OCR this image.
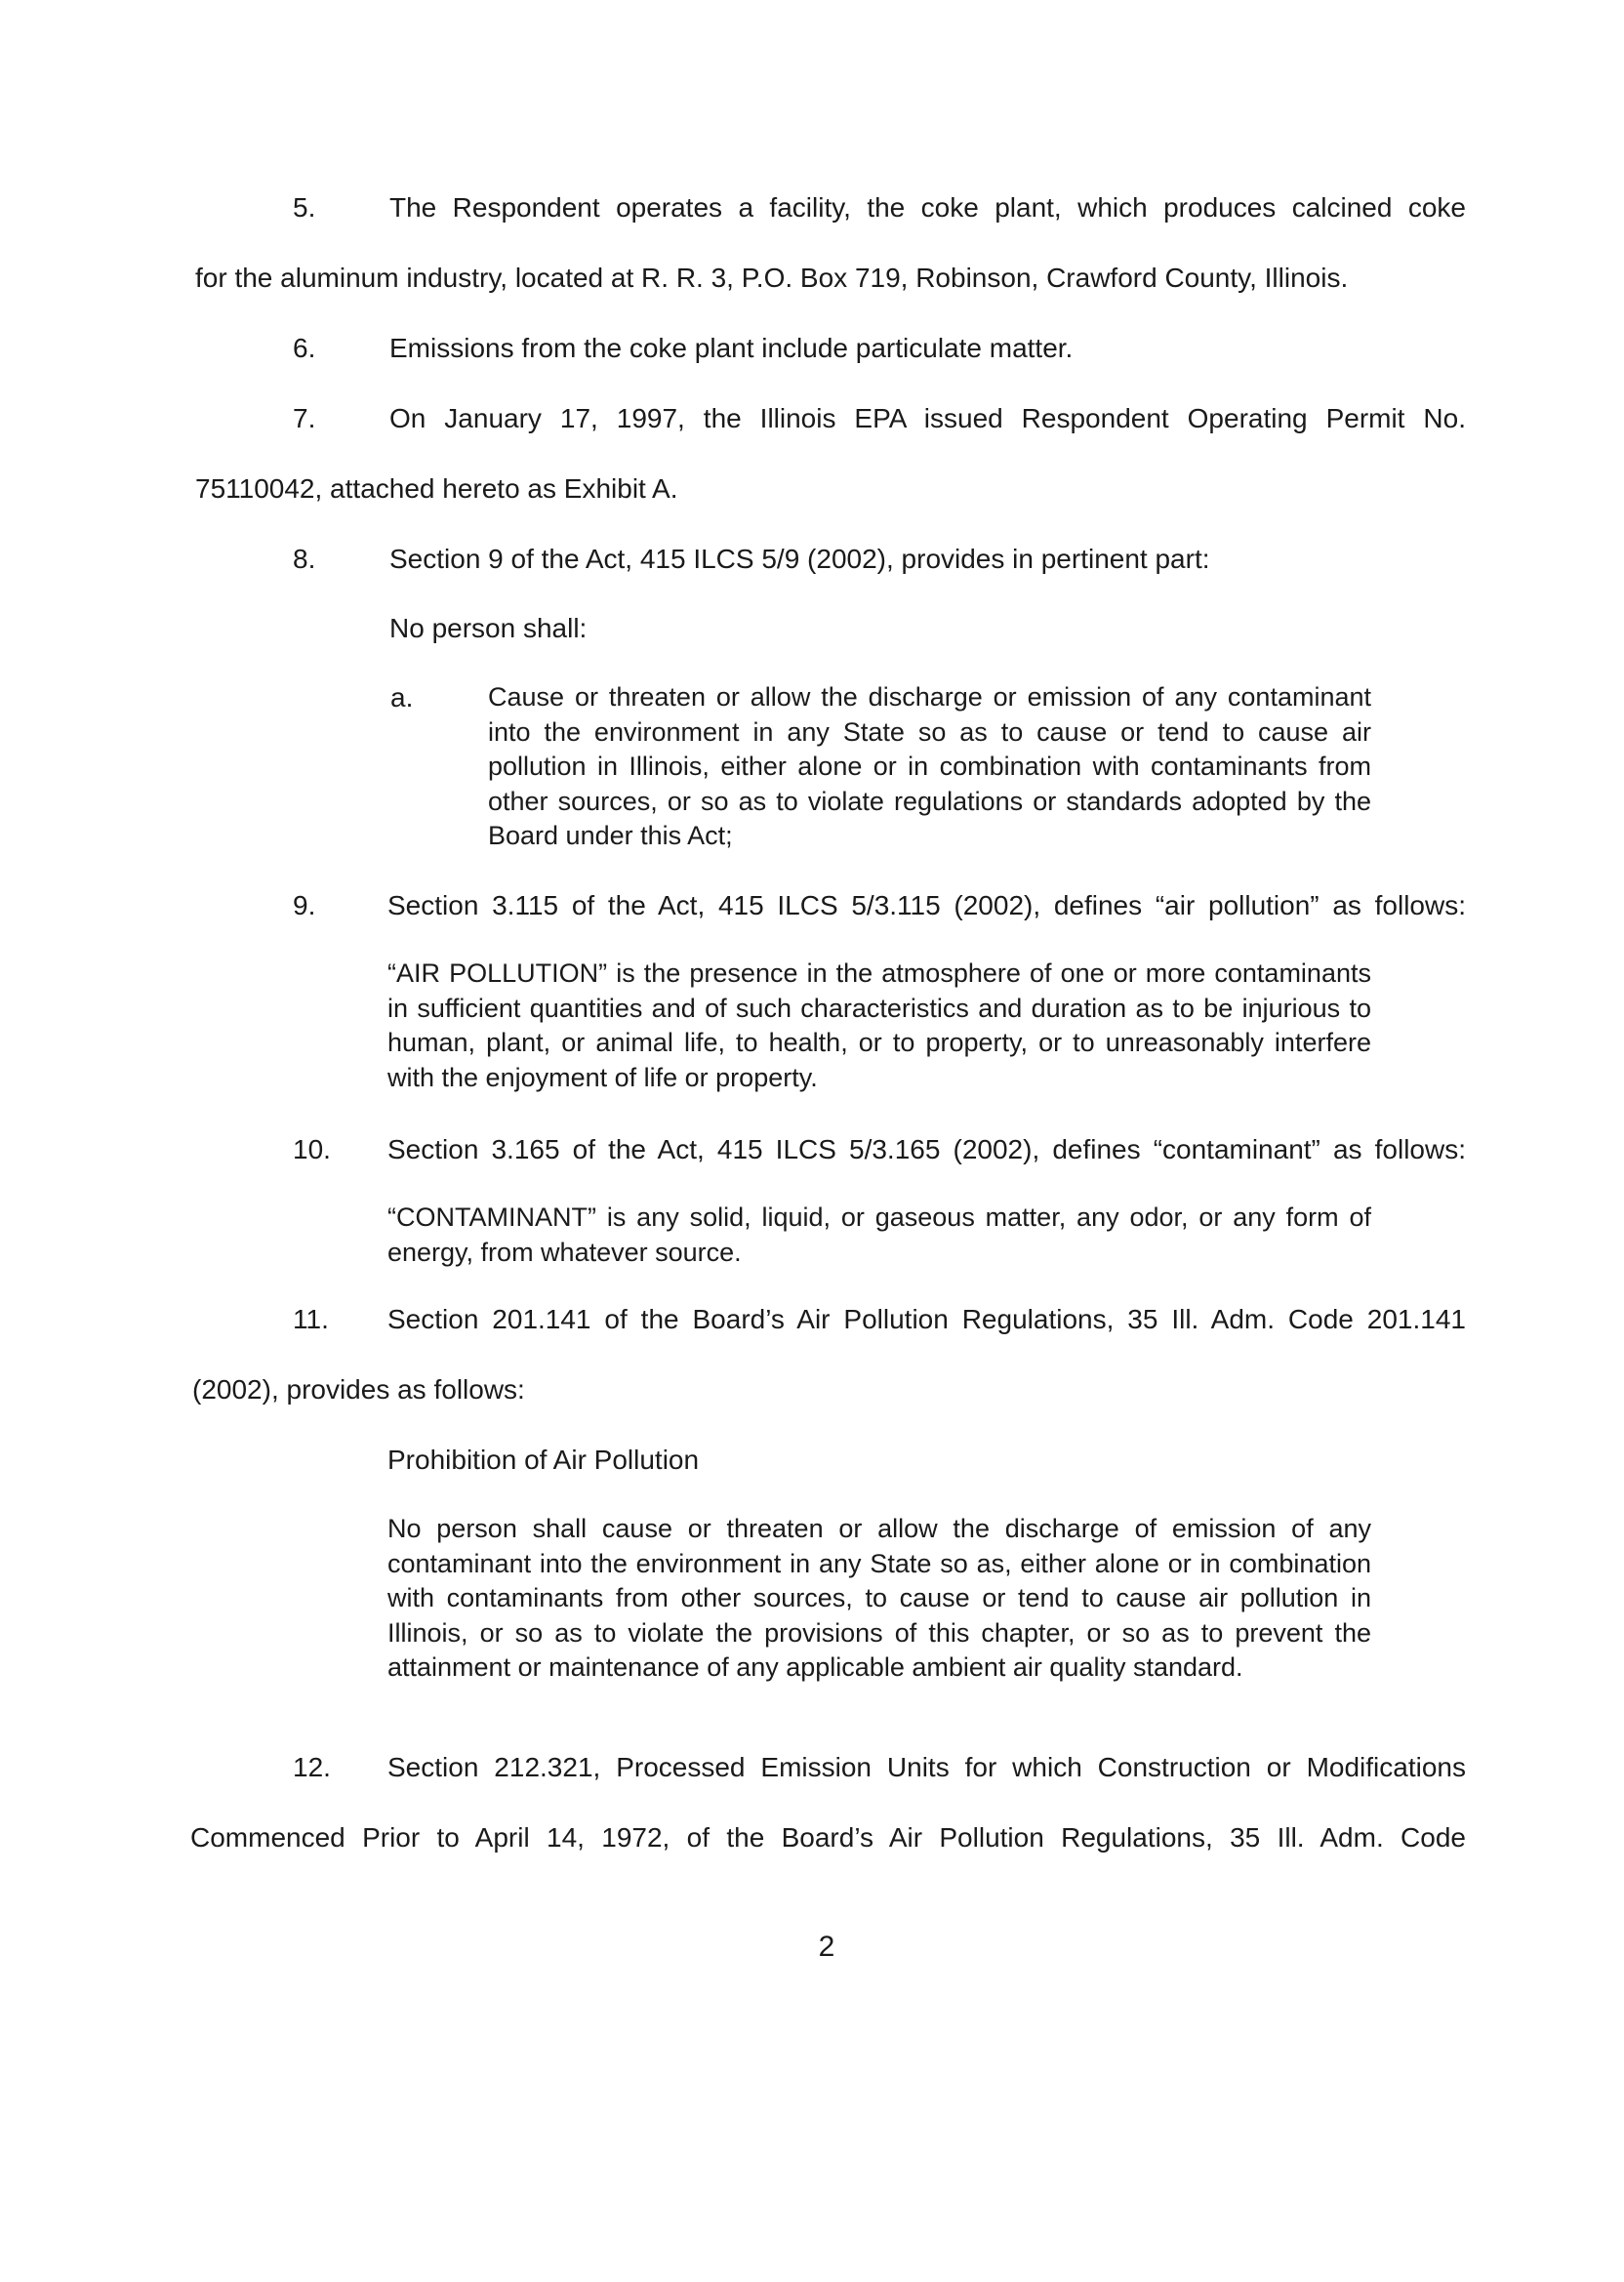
5.	The Respondent operates a facility, the coke plant, which produces calcined coke
for the aluminum industry, located at R. R. 3, P.O. Box 719, Robinson, Crawford County, Illinois.
6.	Emissions from the coke plant include particulate matter.
7.	On January 17, 1997, the Illinois EPA issued Respondent Operating Permit No.
75110042, attached hereto as Exhibit A.
8.	Section 9 of the Act, 415 ILCS 5/9 (2002), provides in pertinent part:
No person shall:
a.	Cause or threaten or allow the discharge or emission of any contaminant into the environment in any State so as to cause or tend to cause air pollution in Illinois, either alone or in combination with contaminants from other sources, or so as to violate regulations or standards adopted by the Board under this Act;
9.	Section 3.115 of the Act, 415 ILCS 5/3.115 (2002), defines “air pollution” as follows:
“AIR POLLUTION” is the presence in the atmosphere of one or more contaminants in sufficient quantities and of such characteristics and duration as to be injurious to human, plant, or animal life, to health, or to property, or to unreasonably interfere with the enjoyment of life or property.
10. Section 3.165 of the Act, 415 ILCS 5/3.165 (2002), defines “contaminant” as follows:
“CONTAMINANT” is any solid, liquid, or gaseous matter, any odor, or any form of energy, from whatever source.
11. Section 201.141 of the Board’s Air Pollution Regulations, 35 Ill. Adm. Code 201.141
(2002), provides as follows:
Prohibition of Air Pollution
No person shall cause or threaten or allow the discharge of emission of any contaminant into the environment in any State so as, either alone or in combination with contaminants from other sources, to cause or tend to cause air pollution in Illinois, or so as to violate the provisions of this chapter, or so as to prevent the attainment or maintenance of any applicable ambient air quality standard.
12. Section 212.321, Processed Emission Units for which Construction or Modifications
Commenced Prior to April 14, 1972, of the Board’s Air Pollution Regulations, 35 Ill. Adm. Code
2
